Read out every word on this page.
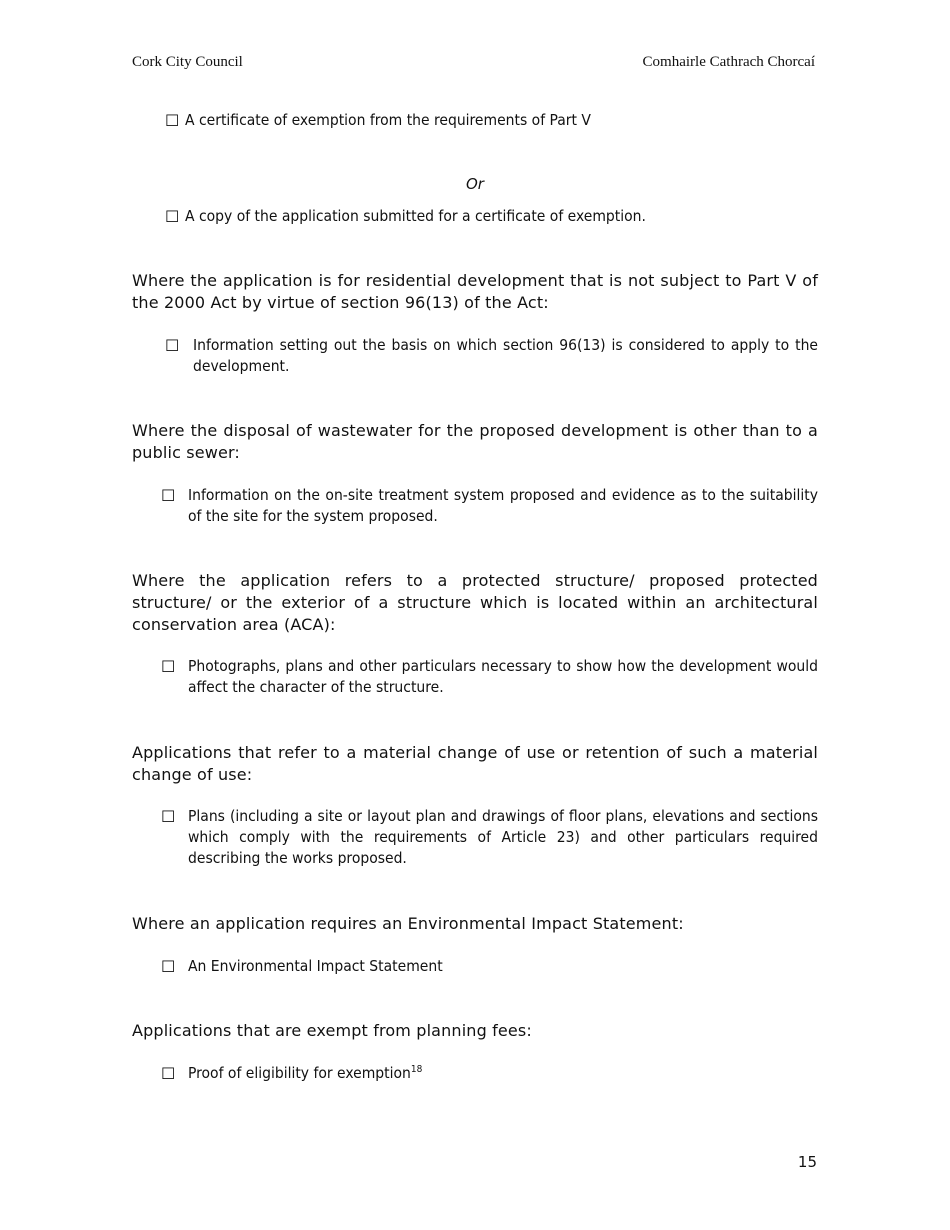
Cork City Council	Comhairle Cathrach Chorcaí
☐ A certificate of exemption from the requirements of Part V
Or
☐ A copy of the application submitted for a certificate of exemption.
Where the application is for residential development that is not subject to Part V of the 2000 Act by virtue of section 96(13) of the Act:
☐ Information setting out the basis on which section 96(13) is considered to apply to the development.
Where the disposal of wastewater for the proposed development is other than to a public sewer:
☐ Information on the on-site treatment system proposed and evidence as to the suitability of the site for the system proposed.
Where the application refers to a protected structure/ proposed protected structure/ or the exterior of a structure which is located within an architectural conservation area (ACA):
☐ Photographs, plans and other particulars necessary to show how the development would affect the character of the structure.
Applications that refer to a material change of use or retention of such a material change of use:
☐ Plans (including a site or layout plan and drawings of floor plans, elevations and sections which comply with the requirements of Article 23) and other particulars required describing the works proposed.
Where an application requires an Environmental Impact Statement:
☐ An Environmental Impact Statement
Applications that are exempt from planning fees:
☐ Proof of eligibility for exemption$^{18}$
15
